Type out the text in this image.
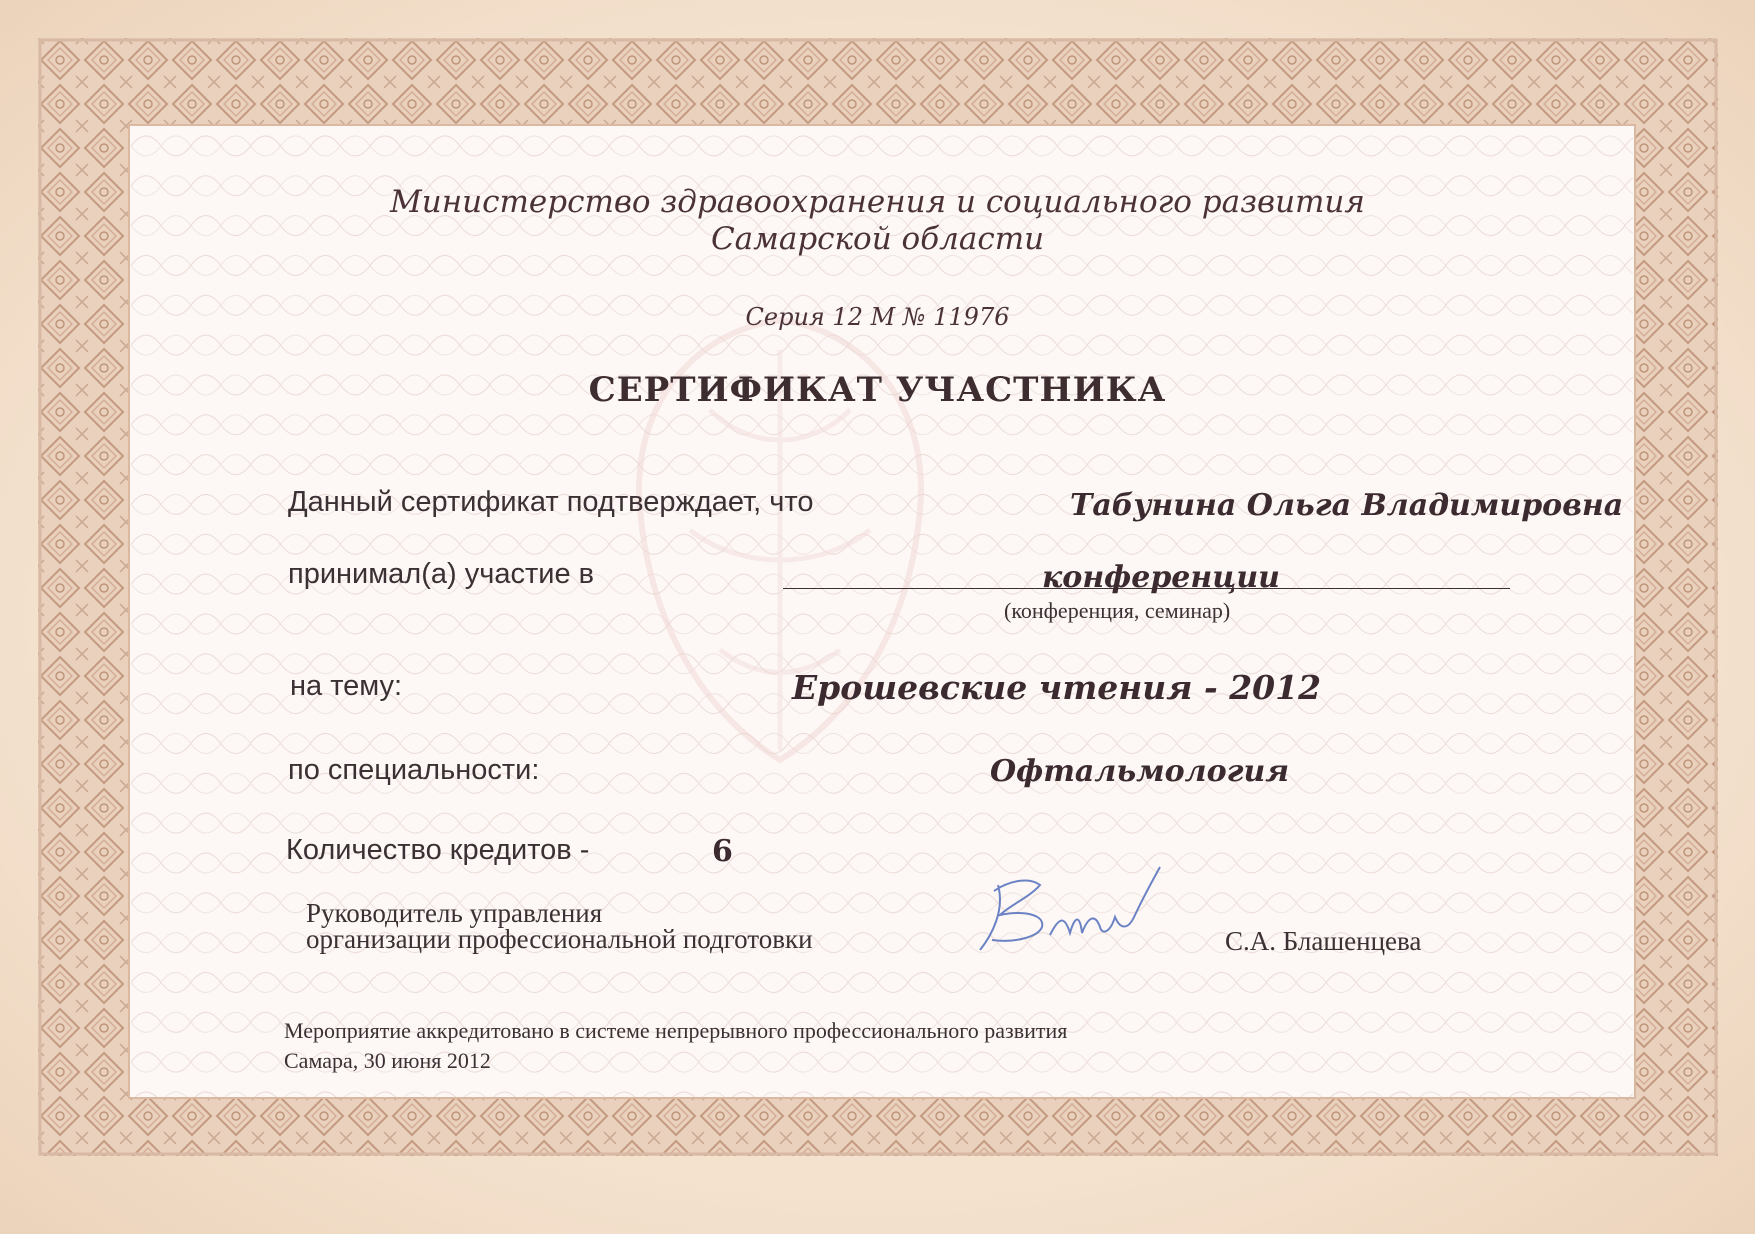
Министерство здравоохранения и социального развития
Самарской области
Серия 12 М № 11976
СЕРТИФИКАТ УЧАСТНИКА
Данный сертификат подтверждает, что	Табунина Ольга Владимировна
принимал(а) участие в	конференции
(конференция, семинар)
на тему:	Ерошевские чтения - 2012
по специальности:	Офтальмология
Количество кредитов -	6
Руководитель управления
организации профессиональной подготовки	С.А. Блашенцева
Мероприятие аккредитовано в системе непрерывного профессионального развития
Самара, 30 июня 2012
